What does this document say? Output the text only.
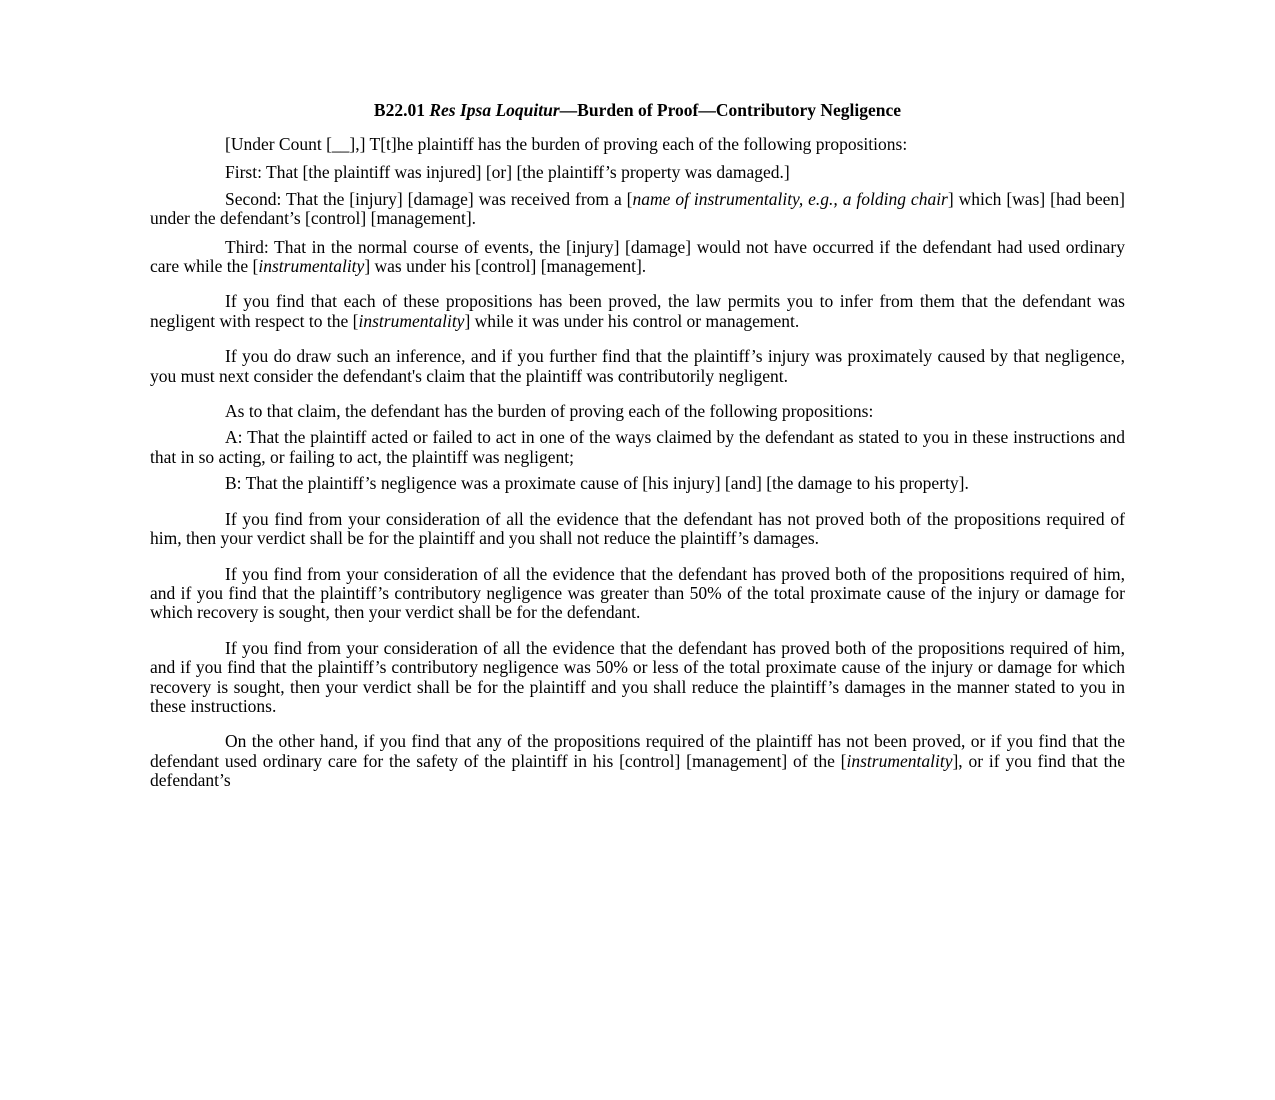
B22.01 Res Ipsa Loquitur—Burden of Proof—Contributory Negligence

[Under Count [__],] T[t]he plaintiff has the burden of proving each of the following propositions:

First: That [the plaintiff was injured] [or] [the plaintiff’s property was damaged.]

Second: That the [injury] [damage] was received from a [name of instrumentality, e.g., a folding chair] which [was] [had been] under the defendant’s [control] [management].

Third: That in the normal course of events, the [injury] [damage] would not have occurred if the defendant had used ordinary care while the [instrumentality] was under his [control] [management].

If you find that each of these propositions has been proved, the law permits you to infer from them that the defendant was negligent with respect to the [instrumentality] while it was under his control or management.

If you do draw such an inference, and if you further find that the plaintiff’s injury was proximately caused by that negligence, you must next consider the defendant's claim that the plaintiff was contributorily negligent.

As to that claim, the defendant has the burden of proving each of the following propositions:

A: That the plaintiff acted or failed to act in one of the ways claimed by the defendant as stated to you in these instructions and that in so acting, or failing to act, the plaintiff was negligent;

B: That the plaintiff’s negligence was a proximate cause of [his injury] [and] [the damage to his property].

If you find from your consideration of all the evidence that the defendant has not proved both of the propositions required of him, then your verdict shall be for the plaintiff and you shall not reduce the plaintiff’s damages.

If you find from your consideration of all the evidence that the defendant has proved both of the propositions required of him, and if you find that the plaintiff’s contributory negligence was greater than 50% of the total proximate cause of the injury or damage for which recovery is sought, then your verdict shall be for the defendant.

If you find from your consideration of all the evidence that the defendant has proved both of the propositions required of him, and if you find that the plaintiff’s contributory negligence was 50% or less of the total proximate cause of the injury or damage for which recovery is sought, then your verdict shall be for the plaintiff and you shall reduce the plaintiff’s damages in the manner stated to you in these instructions.

On the other hand, if you find that any of the propositions required of the plaintiff has not been proved, or if you find that the defendant used ordinary care for the safety of the plaintiff in his [control] [management] of the [instrumentality], or if you find that the defendant’s
